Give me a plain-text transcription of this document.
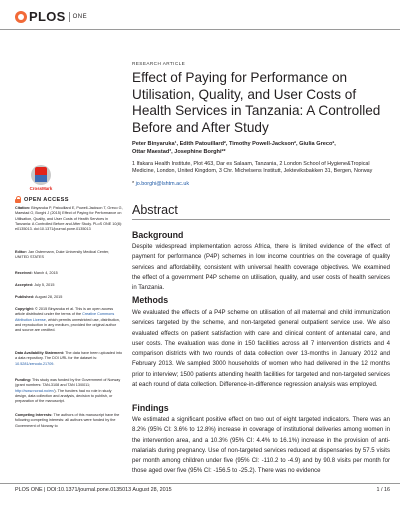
PLOS ONE
RESEARCH ARTICLE
Effect of Paying for Performance on Utilisation, Quality, and User Costs of Health Services in Tanzania: A Controlled Before and After Study
Peter Binyaruka¹, Edith Patouillard², Timothy Powell-Jackson², Giulia Greco²,
Ottar Maestad³, Josephine Borghi²*
1 Ifakara Health Institute, Plot 463, Dar es Salaam, Tanzania, 2 London School of Hygiene&Tropical
Medicine, London, United Kingdom, 3 Chr. Michelsens Institutt, Jekteviksbakken 31, Bergen, Norway
* jo.borghi@lshtm.ac.uk
Abstract
Background
Despite widespread implementation across Africa, there is limited evidence of the effect of payment for performance (P4P) schemes in low income countries on the coverage of quality services and affordability, consistent with universal health coverage objectives. We examined the effect of a government P4P scheme on utilisation, quality, and user costs of health services in Tanzania.
Methods
We evaluated the effects of a P4P scheme on utilisation of all maternal and child immunization services targeted by the scheme, and non-targeted general outpatient service use. We also evaluated effects on patient satisfaction with care and clinical content of antenatal care, and user costs. The evaluation was done in 150 facilities across all 7 intervention districts and 4 comparison districts with two rounds of data collection over 13-months in January 2012 and February 2013. We sampled 3000 households of women who had delivered in the 12 months prior to interview; 1500 patients attending health facilities for targeted and non-targeted services at each round of data collection. Difference-in-difference regression analysis was employed.
Findings
We estimated a significant positive effect on two out of eight targeted indicators. There was an 8.2% (95% CI: 3.6% to 12.8%) increase in coverage of institutional deliveries among women in the intervention area, and a 10.3% (95% CI: 4.4% to 16.1%) increase in the provision of anti-malarials during pregnancy. Use of non-targeted services reduced at dispensaries by 57.5 visits per month among children under five (95% CI: -110.2 to -4.9) and by 90.8 visits per month for those aged over five (95% CI: -156.5 to -25.2). There was no evidence
CrossMark
OPEN ACCESS
Citation: Binyaruka P, Patouillard E, Powell-Jackson T, Greco G, Maestad O, Borghi J (2015) Effect of Paying for Performance on Utilisation, Quality, and User Costs of Health Services in Tanzania: A Controlled Before and After Study. PLoS ONE 10(8): e0135013. doi:10.1371/journal.pone.0135013
Editor: Jan Ostermann, Duke University Medical Center, UNITED STATES
Received: March 4, 2015
Accepted: July 5, 2015
Published: August 28, 2015
Copyright: © 2015 Binyaruka et al. This is an open access article distributed under the terms of the Creative Commons Attribution License, which permits unrestricted use, distribution, and reproduction in any medium, provided the original author and source are credited.
Data Availability Statement: The data have been uploaded into a data repository. The DOI URL for the dataset is: 10.5281/zenodo.21709.
Funding: This study was funded by the Government of Norway (grant numbers: TAN-3108 and TAN 13/0011; http://www.norad.no/en/). The funders had no role in study design, data collection and analysis, decision to publish, or preparation of the manuscript.
Competing Interests: The authors of this manuscript have the following competing interests: all authors were funded by the Government of Norway to
PLOS ONE | DOI:10.1371/journal.pone.0135013 August 28, 2015	1 / 16
